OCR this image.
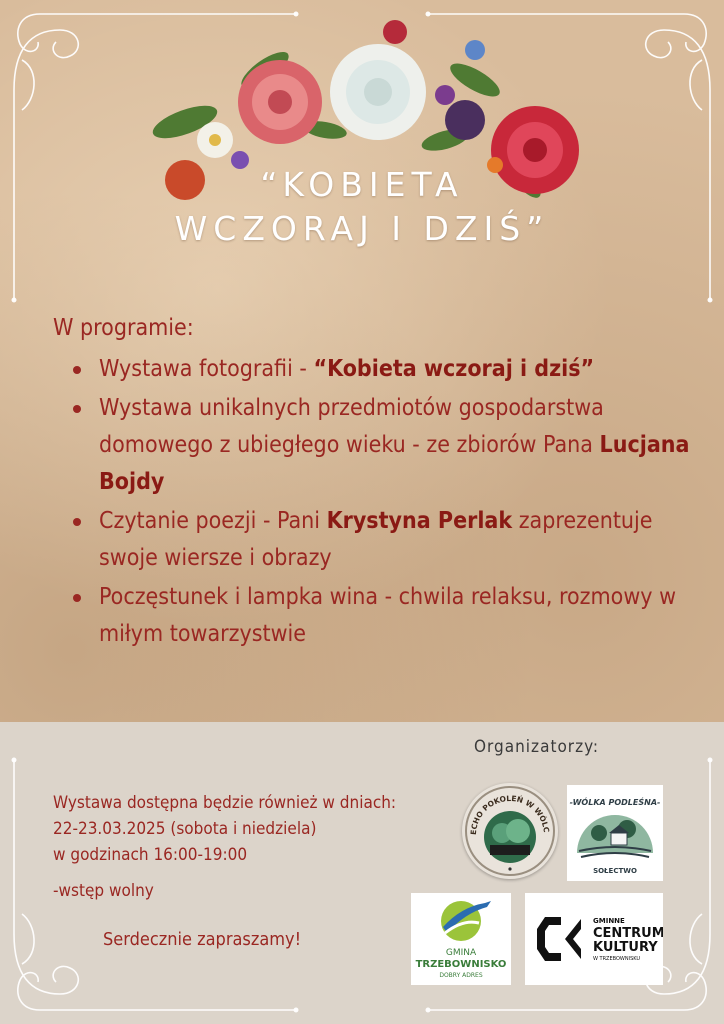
“KOBIETA
WCZORAJ I DZIŚ”

W programie:

Wystawa fotografii - “Kobieta wczoraj i dziś”
Wystawa unikalnych przedmiotów gospodarstwa domowego z ubiegłego wieku - ze zbiorów Pana Lucjana Bojdy
Czytanie poezji - Pani Krystyna Perlak zaprezentuje swoje wiersze i obrazy
Poczęstunek i lampka wina - chwila relaksu, rozmowy w miłym towarzystwie
Organizatorzy:

Wystawa dostępna będzie również w dniach:

22-23.03.2025 (sobota i niedziela)

w godzinach 16:00-19:00

-wstęp wolny
Serdecznie zapraszamy!
ECHO POKOLEŃ W WÓLC
-WÓLKA PODLEŚNA-
SOŁECTWO
GMINA
TRZEBOWNISKO
DOBRY ADRES
GMINNE
CENTRUM
KULTURY
W TRZEBOWNISKU
